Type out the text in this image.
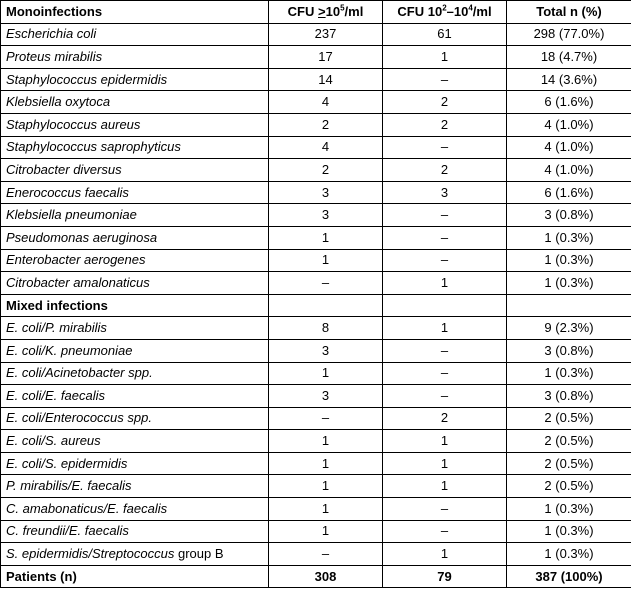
Monoinfections	CFU $>10^5/ml$	CFU $10^2-10^4/ml$	Total n (%)
Escherichia coli	237	61	298 (77.0%)
Proteus mirabilis	17	1	18 (4.7%)
Staphylococcus epidermidis	14	–	14 (3.6%)
Klebsiella oxytoca	4	2	6 (1.6%)
Staphylococcus aureus	2	2	4 (1.0%)
Staphylococcus saprophyticus	4	–	4 (1.0%)
Citrobacter diversus	2	2	4 (1.0%)
Enerococcus faecalis	3	3	6 (1.6%)
Klebsiella pneumoniae	3	–	3 (0.8%)
Pseudomonas aeruginosa	1	–	1 (0.3%)
Enterobacter aerogenes	1	–	1 (0.3%)
Citrobacter amalonaticus	–	1	1 (0.3%)
Mixed infections			
E. coli/P. mirabilis	8	1	9 (2.3%)
E. coli/K. pneumoniae	3	–	3 (0.8%)
E. coli/Acinetobacter spp.	1	–	1 (0.3%)
E. coli/E. faecalis	3	–	3 (0.8%)
E. coli/Enterococcus spp.	–	2	2 (0.5%)
E. coli/S. aureus	1	1	2 (0.5%)
E. coli/S. epidermidis	1	1	2 (0.5%)
P. mirabilis/E. faecalis	1	1	2 (0.5%)
C. amabonaticus/E. faecalis	1	–	1 (0.3%)
C. freundii/E. faecalis	1	–	1 (0.3%)
S. epidermidis/Streptococcus group B	–	1	1 (0.3%)
Patients (n)	308	79	387 (100%)
